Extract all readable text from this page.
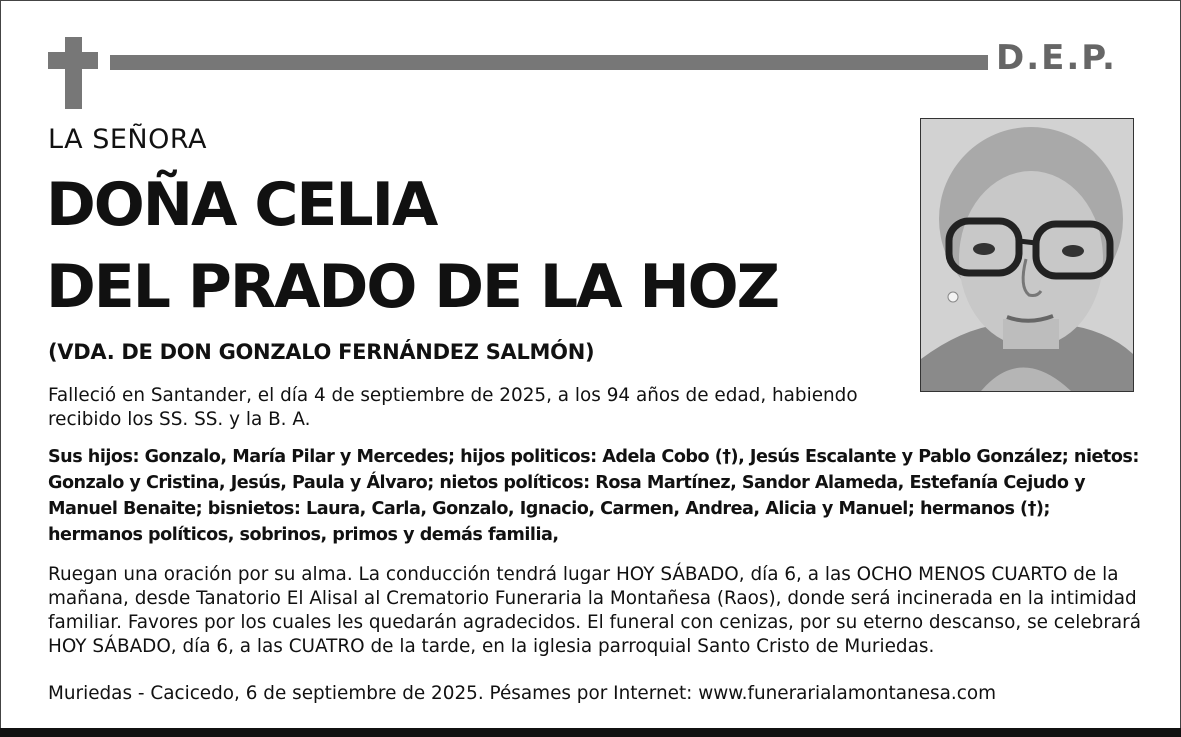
D.E.P.
LA SEÑORA
DOÑA CELIA
DEL PRADO DE LA HOZ
(VDA. DE DON GONZALO FERNÁNDEZ SALMÓN)
Falleció en Santander, el día 4 de septiembre de 2025, a los 94 años de edad, habiendo recibido los SS. SS. y la B. A.
Sus hijos: Gonzalo, María Pilar y Mercedes; hijos politicos: Adela Cobo (†), Jesús Escalante y Pablo González; nietos: Gonzalo y Cristina, Jesús, Paula y Álvaro; nietos políticos: Rosa Martínez, Sandor Alameda, Estefanía Cejudo y Manuel Benaite; bisnietos: Laura, Carla, Gonzalo, Ignacio, Carmen, Andrea, Alicia y Manuel; hermanos (†); hermanos políticos, sobrinos, primos y demás familia,
Ruegan una oración por su alma. La conducción tendrá lugar HOY SÁBADO, día 6, a las OCHO MENOS CUARTO de la mañana, desde Tanatorio El Alisal al Crematorio Funeraria la Montañesa (Raos), donde será incinerada en la intimidad familiar. Favores por los cuales les quedarán agradecidos. El funeral con cenizas, por su eterno descanso, se celebrará HOY SÁBADO, día 6, a las CUATRO de la tarde, en la iglesia parroquial Santo Cristo de Muriedas.
Muriedas - Cacicedo, 6 de septiembre de 2025. Pésames por Internet: www.funerarialamontanesa.com
